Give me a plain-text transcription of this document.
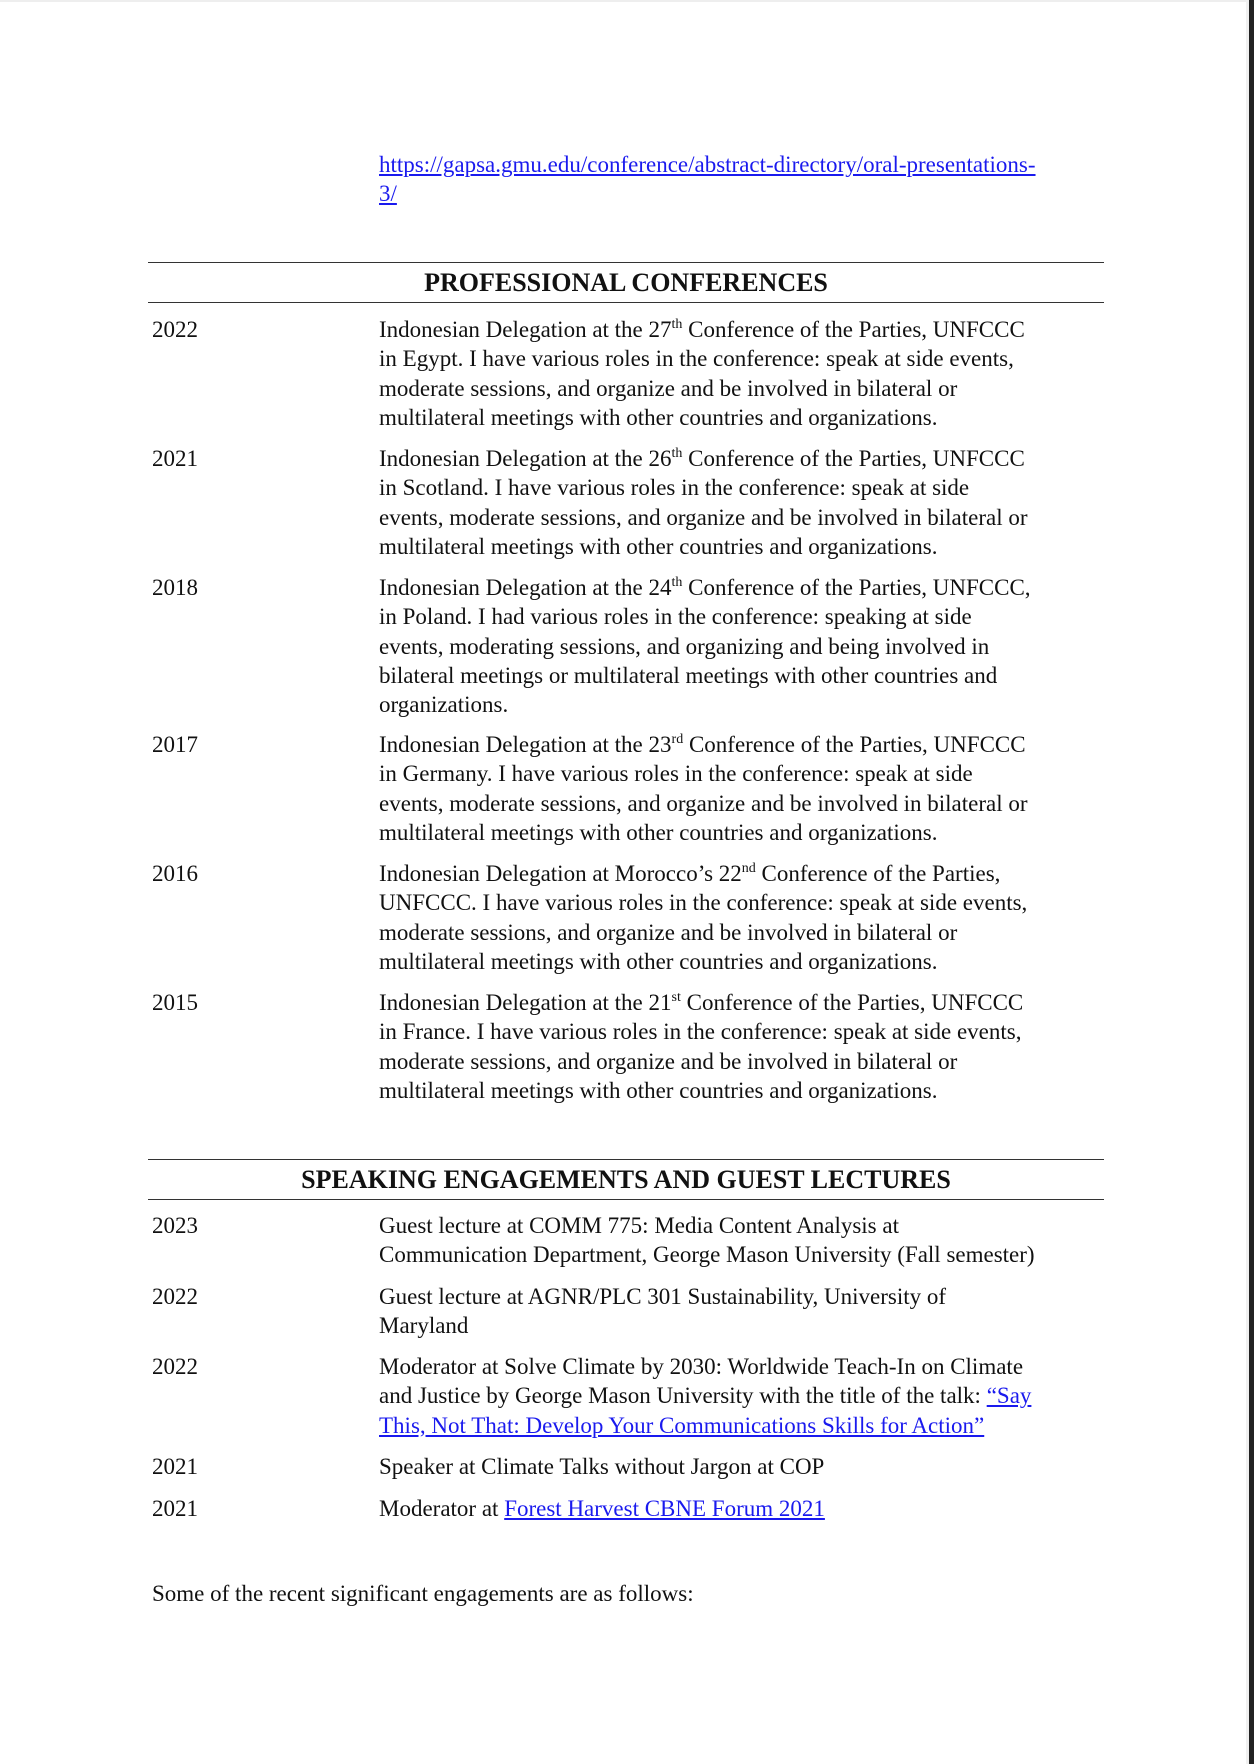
https://gapsa.gmu.edu/conference/abstract-directory/oral-presentations-
3/
PROFESSIONAL CONFERENCES
2022	Indonesian Delegation at the 27th Conference of the Parties, UNFCCC
in Egypt. I have various roles in the conference: speak at side events,
moderate sessions, and organize and be involved in bilateral or
multilateral meetings with other countries and organizations.
2021	Indonesian Delegation at the 26th Conference of the Parties, UNFCCC
in Scotland. I have various roles in the conference: speak at side
events, moderate sessions, and organize and be involved in bilateral or
multilateral meetings with other countries and organizations.
2018	Indonesian Delegation at the 24th Conference of the Parties, UNFCCC,
in Poland. I had various roles in the conference: speaking at side
events, moderating sessions, and organizing and being involved in
bilateral meetings or multilateral meetings with other countries and
organizations.
2017	Indonesian Delegation at the 23rd Conference of the Parties, UNFCCC
in Germany. I have various roles in the conference: speak at side
events, moderate sessions, and organize and be involved in bilateral or
multilateral meetings with other countries and organizations.
2016	Indonesian Delegation at Morocco’s 22nd Conference of the Parties,
UNFCCC. I have various roles in the conference: speak at side events,
moderate sessions, and organize and be involved in bilateral or
multilateral meetings with other countries and organizations.
2015	Indonesian Delegation at the 21st Conference of the Parties, UNFCCC
in France. I have various roles in the conference: speak at side events,
moderate sessions, and organize and be involved in bilateral or
multilateral meetings with other countries and organizations.
SPEAKING ENGAGEMENTS AND GUEST LECTURES
2023	Guest lecture at COMM 775: Media Content Analysis at
Communication Department, George Mason University (Fall semester)
2022	Guest lecture at AGNR/PLC 301 Sustainability, University of
Maryland
2022	Moderator at Solve Climate by 2030: Worldwide Teach-In on Climate
and Justice by George Mason University with the title of the talk: “Say
This, Not That: Develop Your Communications Skills for Action”
2021	Speaker at Climate Talks without Jargon at COP
2021	Moderator at Forest Harvest CBNE Forum 2021
Some of the recent significant engagements are as follows:
